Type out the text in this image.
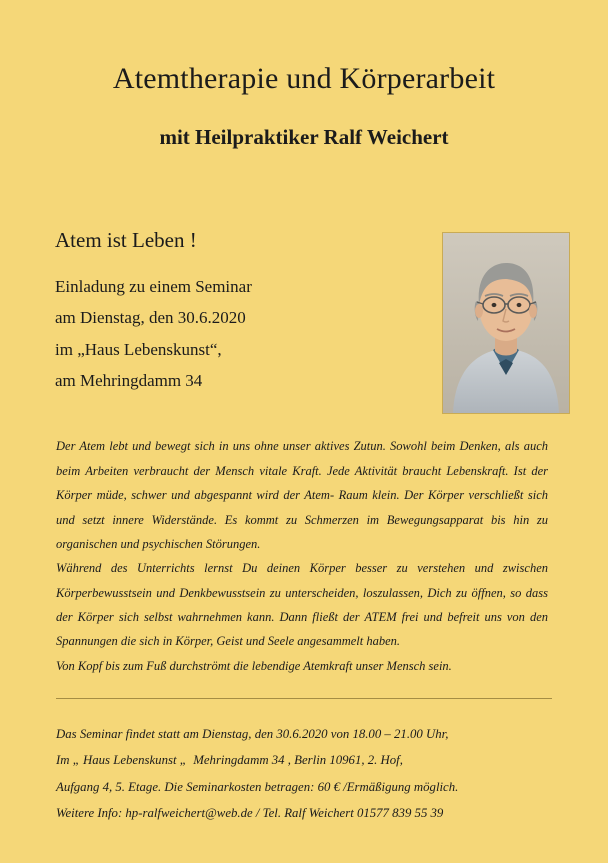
Atemtherapie und Körperarbeit
mit Heilpraktiker Ralf Weichert
Atem ist Leben !
Einladung zu einem Seminar
am Dienstag, den 30.6.2020
im „Haus Lebenskunst“,
am Mehringdamm 34

Der Atem lebt und bewegt sich in uns ohne unser aktives Zutun. Sowohl beim Denken, als auch beim Arbeiten verbraucht der Mensch vitale Kraft. Jede Aktivität braucht Lebenskraft. Ist der Körper müde, schwer und abgespannt wird der Atem- Raum klein. Der Körper verschließt sich und setzt innere Widerstände. Es kommt zu Schmerzen im Bewegungsapparat bis hin zu organischen und psychischen Störungen.

Während des Unterrichts lernst Du deinen Körper besser zu verstehen und zwischen Körperbewusstsein und Denkbewusstsein zu unterscheiden, loszulassen, Dich zu öffnen, so dass der Körper sich selbst wahrnehmen kann. Dann fließt der ATEM frei und befreit uns von den Spannungen die sich in Körper, Geist und Seele angesammelt haben.

Von Kopf bis zum Fuß durchströmt die lebendige Atemkraft unser Mensch sein.

Das Seminar findet statt am Dienstag, den 30.6.2020 von 18.00 – 21.00 Uhr,
Im „ Haus Lebenskunst „  Mehringdamm 34 , Berlin 10961, 2. Hof,
Aufgang 4, 5. Etage. Die Seminarkosten betragen: 60 € /Ermäßigung möglich.
Weitere Info: hp-ralfweichert@web.de / Tel. Ralf Weichert 01577 839 55 39
